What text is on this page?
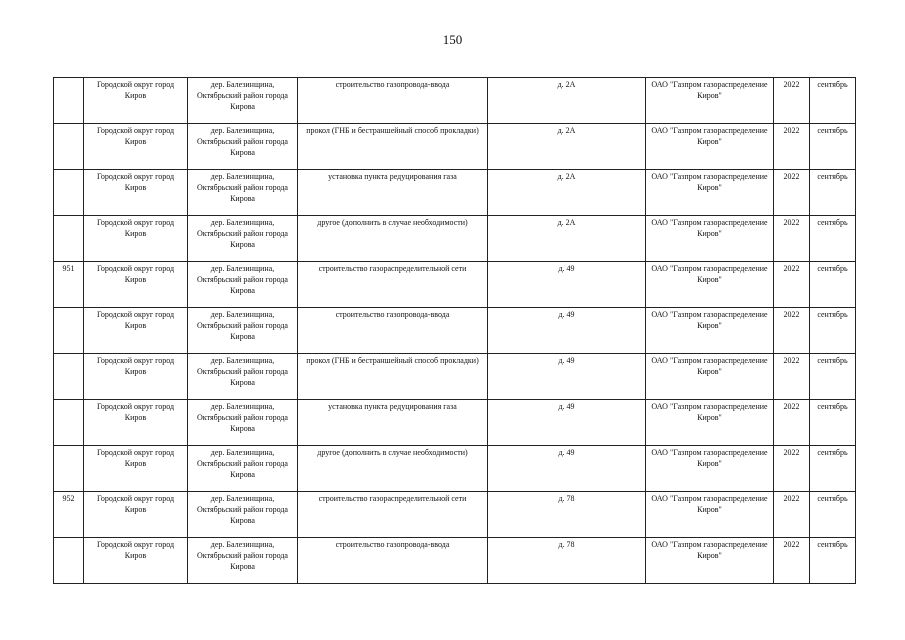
150
	Городской округ город Киров	дер. Балезинщина, Октябрьский район города Кирова	строительство газопровода-ввода	д. 2А	ОАО "Газпром газораспределение Киров"	2022	сентябрь
	Городской округ город Киров	дер. Балезинщина, Октябрьский район города Кирова	прокол (ГНБ и бестраншейный способ прокладки)	д. 2А	ОАО "Газпром газораспределение Киров"	2022	сентябрь
	Городской округ город Киров	дер. Балезинщина, Октябрьский район города Кирова	установка пункта редуцирования газа	д. 2А	ОАО "Газпром газораспределение Киров"	2022	сентябрь
	Городской округ город Киров	дер. Балезинщина, Октябрьский район города Кирова	другое (дополнить в случае необходимости)	д. 2А	ОАО "Газпром газораспределение Киров"	2022	сентябрь
951	Городской округ город Киров	дер. Балезинщина, Октябрьский район города Кирова	строительство газораспределительной сети	д. 49	ОАО "Газпром газораспределение Киров"	2022	сентябрь
	Городской округ город Киров	дер. Балезинщина, Октябрьский район города Кирова	строительство газопровода-ввода	д. 49	ОАО "Газпром газораспределение Киров"	2022	сентябрь
	Городской округ город Киров	дер. Балезинщина, Октябрьский район города Кирова	прокол (ГНБ и бестраншейный способ прокладки)	д. 49	ОАО "Газпром газораспределение Киров"	2022	сентябрь
	Городской округ город Киров	дер. Балезинщина, Октябрьский район города Кирова	установка пункта редуцирования газа	д. 49	ОАО "Газпром газораспределение Киров"	2022	сентябрь
	Городской округ город Киров	дер. Балезинщина, Октябрьский район города Кирова	другое (дополнить в случае необходимости)	д. 49	ОАО "Газпром газораспределение Киров"	2022	сентябрь
952	Городской округ город Киров	дер. Балезинщина, Октябрьский район города Кирова	строительство газораспределительной сети	д. 78	ОАО "Газпром газораспределение Киров"	2022	сентябрь
	Городской округ город Киров	дер. Балезинщина, Октябрьский район города Кирова	строительство газопровода-ввода	д. 78	ОАО "Газпром газораспределение Киров"	2022	сентябрь
